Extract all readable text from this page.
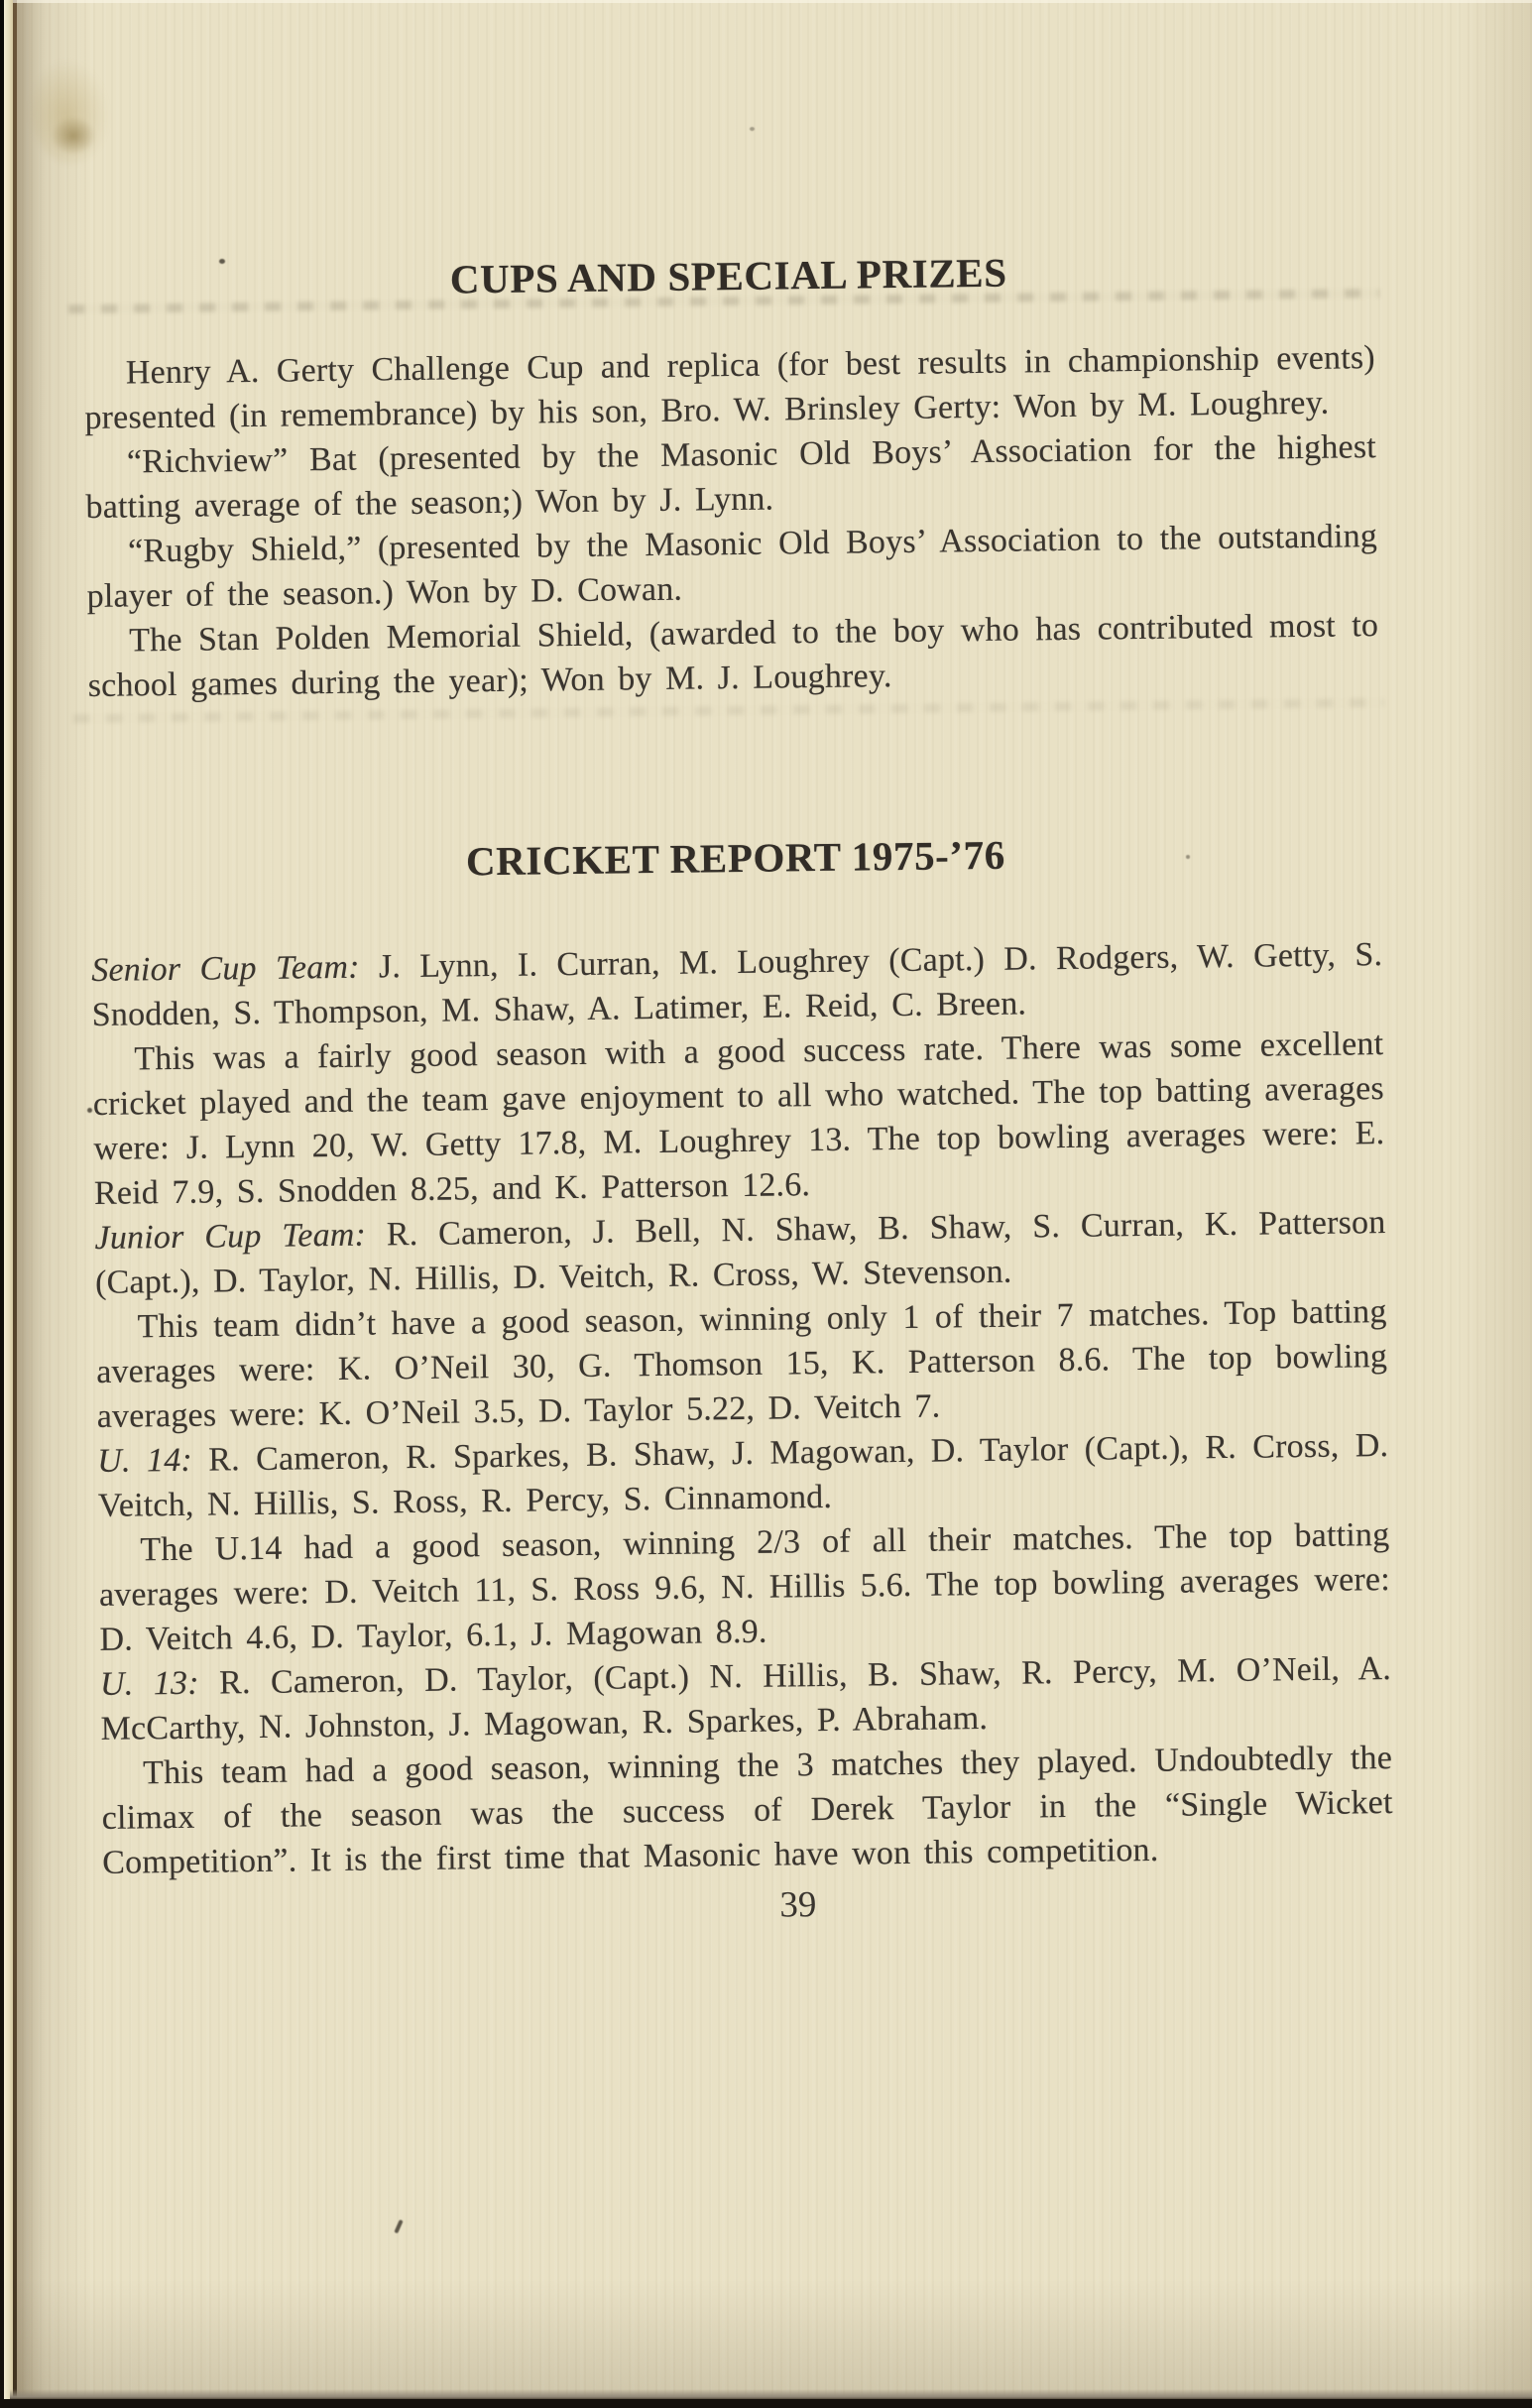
CUPS AND SPECIAL PRIZES

Henry A. Gerty Challenge Cup and replica (for best results in championship events) presented (in remembrance) by his son, Bro. W. Brinsley Gerty: Won by M. Loughrey.

“Richview” Bat (presented by the Masonic Old Boys’ Association for the highest batting average of the season;) Won by J. Lynn.

“Rugby Shield,” (presented by the Masonic Old Boys’ Association to the outstanding player of the season.) Won by D. Cowan.

The Stan Polden Memorial Shield, (awarded to the boy who has contributed most to school games during the year); Won by M. J. Loughrey.

CRICKET REPORT 1975-’76

Senior Cup Team: J. Lynn, I. Curran, M. Loughrey (Capt.) D. Rodgers, W. Getty, S. Snodden, S. Thompson, M. Shaw, A. Latimer, E. Reid, C. Breen.

This was a fairly good season with a good success rate. There was some excellent cricket played and the team gave enjoyment to all who watched. The top batting averages were: J. Lynn 20, W. Getty 17.8, M. Loughrey 13. The top bowling averages were: E. Reid 7.9, S. Snodden 8.25, and K. Patterson 12.6.

Junior Cup Team: R. Cameron, J. Bell, N. Shaw, B. Shaw, S. Curran, K. Patterson (Capt.), D. Taylor, N. Hillis, D. Veitch, R. Cross, W. Stevenson.

This team didn’t have a good season, winning only 1 of their 7 matches. Top batting averages were: K. O’Neil 30, G. Thomson 15, K. Patterson 8.6. The top bowling averages were: K. O’Neil 3.5, D. Taylor 5.22, D. Veitch 7.

U. 14: R. Cameron, R. Sparkes, B. Shaw, J. Magowan, D. Taylor (Capt.), R. Cross, D. Veitch, N. Hillis, S. Ross, R. Percy, S. Cinnamond.

The U.14 had a good season, winning 2/3 of all their matches. The top batting averages were: D. Veitch 11, S. Ross 9.6, N. Hillis 5.6. The top bowling averages were: D. Veitch 4.6, D. Taylor, 6.1, J. Magowan 8.9.

U. 13: R. Cameron, D. Taylor, (Capt.) N. Hillis, B. Shaw, R. Percy, M. O’Neil, A. McCarthy, N. Johnston, J. Magowan, R. Sparkes, P. Abraham.

This team had a good season, winning the 3 matches they played. Undoubtedly the climax of the season was the success of Derek Taylor in the “Single Wicket Competition”. It is the first time that Masonic have won this competition.

39
